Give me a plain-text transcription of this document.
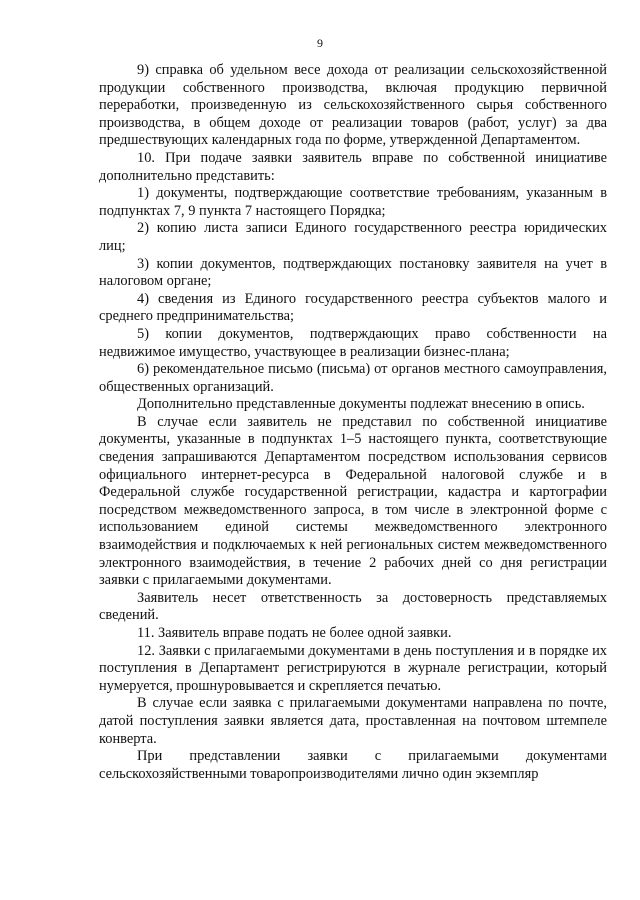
9

9) справка об удельном весе дохода от реализации сельскохозяйственной продукции собственного производства, включая продукцию первичной переработки, произведенную из сельскохозяйственного сырья собственного производства, в общем доходе от реализации товаров (работ, услуг) за два предшествующих календарных года по форме, утвержденной Департаментом.

10. При подаче заявки заявитель вправе по собственной инициативе дополнительно представить:

1) документы, подтверждающие соответствие требованиям, указанным в подпунктах 7, 9 пункта 7 настоящего Порядка;

2) копию листа записи Единого государственного реестра юридических лиц;

3) копии документов, подтверждающих постановку заявителя на учет в налоговом органе;

4) сведения из Единого государственного реестра субъектов малого и среднего предпринимательства;

5) копии документов, подтверждающих право собственности на недвижимое имущество, участвующее в реализации бизнес-плана;

6) рекомендательное письмо (письма) от органов местного самоуправления, общественных организаций.

Дополнительно представленные документы подлежат внесению в опись.

В случае если заявитель не представил по собственной инициативе документы, указанные в подпунктах 1–5 настоящего пункта, соответствующие сведения запрашиваются Департаментом посредством использования сервисов официального интернет-ресурса в Федеральной налоговой службе и в Федеральной службе государственной регистрации, кадастра и картографии посредством межведомственного запроса, в том числе в электронной форме с использованием единой системы межведомственного электронного взаимодействия и подключаемых к ней региональных систем межведомственного электронного взаимодействия, в течение 2 рабочих дней со дня регистрации заявки с прилагаемыми документами.

Заявитель несет ответственность за достоверность представляемых сведений.

11. Заявитель вправе подать не более одной заявки.

12. Заявки с прилагаемыми документами в день поступления и в порядке их поступления в Департамент регистрируются в журнале регистрации, который нумеруется, прошнуровывается и скрепляется печатью.

В случае если заявка с прилагаемыми документами направлена по почте, датой поступления заявки является дата, проставленная на почтовом штемпеле конверта.

При представлении заявки с прилагаемыми документами сельскохозяйственными товаропроизводителями лично один экземпляр
